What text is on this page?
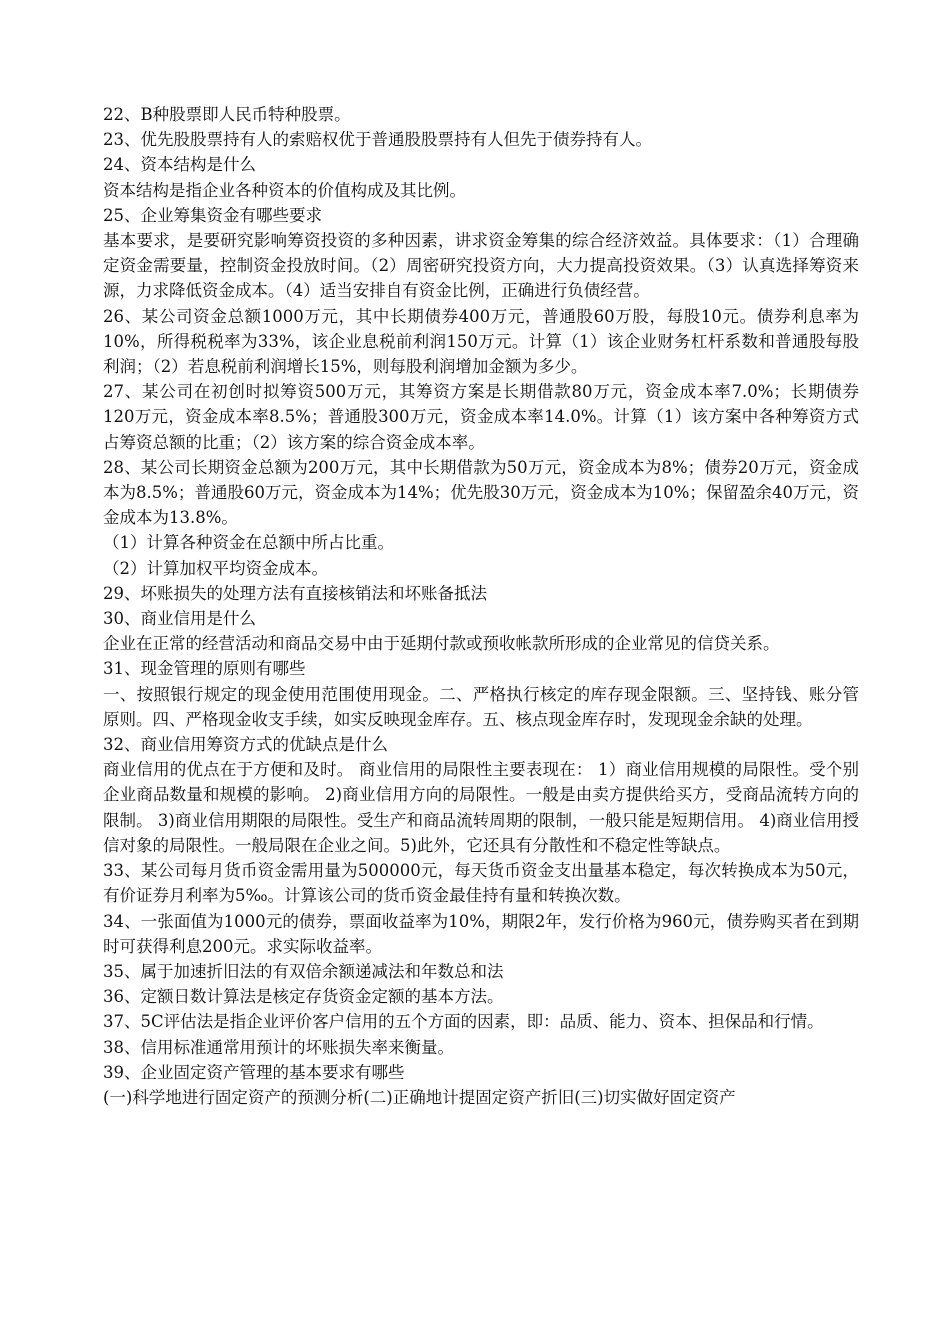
22、B种股票即人民币特种股票。

23、优先股股票持有人的索赔权优于普通股股票持有人但先于债券持有人。

24、资本结构是什么

资本结构是指企业各种资本的价值构成及其比例。

25、企业筹集资金有哪些要求

基本要求，是要研究影响筹资投资的多种因素，讲求资金筹集的综合经济效益。具体要求：（1）合理确定资金需要量，控制资金投放时间。（2）周密研究投资方向，大力提高投资效果。（3）认真选择筹资来源，力求降低资金成本。（4）适当安排自有资金比例，正确进行负债经营。

26、某公司资金总额1000万元，其中长期债券400万元，普通股60万股，每股10元。债券利息率为10%，所得税税率为33%，该企业息税前利润150万元。计算（1）该企业财务杠杆系数和普通股每股利润；（2）若息税前利润增长15%，则每股利润增加金额为多少。

27、某公司在初创时拟筹资500万元，其筹资方案是长期借款80万元，资金成本率7.0%；长期债券120万元，资金成本率8.5%；普通股300万元，资金成本率14.0%。计算（1）该方案中各种筹资方式占筹资总额的比重；（2）该方案的综合资金成本率。

28、某公司长期资金总额为200万元，其中长期借款为50万元，资金成本为8%；债券20万元，资金成本为8.5%；普通股60万元，资金成本为14%；优先股30万元，资金成本为10%；保留盈余40万元，资金成本为13.8%。

（1）计算各种资金在总额中所占比重。

（2）计算加权平均资金成本。

29、坏账损失的处理方法有直接核销法和坏账备抵法

30、商业信用是什么

企业在正常的经营活动和商品交易中由于延期付款或预收帐款所形成的企业常见的信贷关系。

31、现金管理的原则有哪些

一、按照银行规定的现金使用范围使用现金。二、严格执行核定的库存现金限额。三、坚持钱、账分管原则。四、严格现金收支手续，如实反映现金库存。五、核点现金库存时，发现现金余缺的处理。

32、商业信用筹资方式的优缺点是什么

商业信用的优点在于方便和及时。 商业信用的局限性主要表现在： 1）商业信用规模的局限性。受个别企业商品数量和规模的影响。 2)商业信用方向的局限性。一般是由卖方提供给买方，受商品流转方向的限制。 3)商业信用期限的局限性。受生产和商品流转周期的限制，一般只能是短期信用。 4)商业信用授信对象的局限性。一般局限在企业之间。5)此外，它还具有分散性和不稳定性等缺点。

33、某公司每月货币资金需用量为500000元，每天货币资金支出量基本稳定，每次转换成本为50元，有价证券月利率为5‰。计算该公司的货币资金最佳持有量和转换次数。

34、一张面值为1000元的债券，票面收益率为10%，期限2年，发行价格为960元，债券购买者在到期时可获得利息200元。求实际收益率。

35、属于加速折旧法的有双倍余额递减法和年数总和法

36、定额日数计算法是核定存货资金定额的基本方法。

37、5C评估法是指企业评价客户信用的五个方面的因素，即：品质、能力、资本、担保品和行情。

38、信用标准通常用预计的坏账损失率来衡量。

39、企业固定资产管理的基本要求有哪些

(一)科学地进行固定资产的预测分析(二)正确地计提固定资产折旧(三)切实做好固定资产
